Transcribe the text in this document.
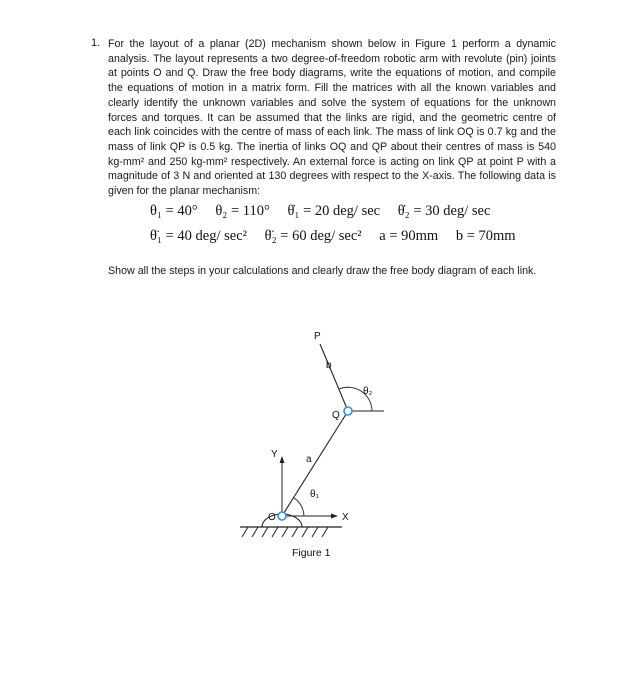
1. For the layout of a planar (2D) mechanism shown below in Figure 1 perform a dynamic analysis. The layout represents a two degree-of-freedom robotic arm with revolute (pin) joints at points O and Q. Draw the free body diagrams, write the equations of motion, and compile the equations of motion in a matrix form. Fill the matrices with all the known variables and clearly identify the unknown variables and solve the system of equations for the unknown forces and torques. It can be assumed that the links are rigid, and the geometric centre of each link coincides with the centre of mass of each link. The mass of link OQ is 0.7 kg and the mass of link QP is 0.5 kg. The inertia of links OQ and QP about their centres of mass is 540 kg-mm² and 250 kg-mm² respectively. An external force is acting on link QP at point P with a magnitude of 3 N and oriented at 130 degrees with respect to the X-axis. The following data is given for the planar mechanism:
θ₁ = 40° θ₂ = 110° θ̇₁ = 20 deg/ sec θ̇₂ = 30 deg/ sec
θ̈₁ = 40 deg/ sec² θ̈₂ = 60 deg/ sec² a = 90mm b = 70mm
Show all the steps in your calculations and clearly draw the free body diagram of each link.
P
b
θ₂
Q
Y	a
θ₁
O	X
Figure 1
